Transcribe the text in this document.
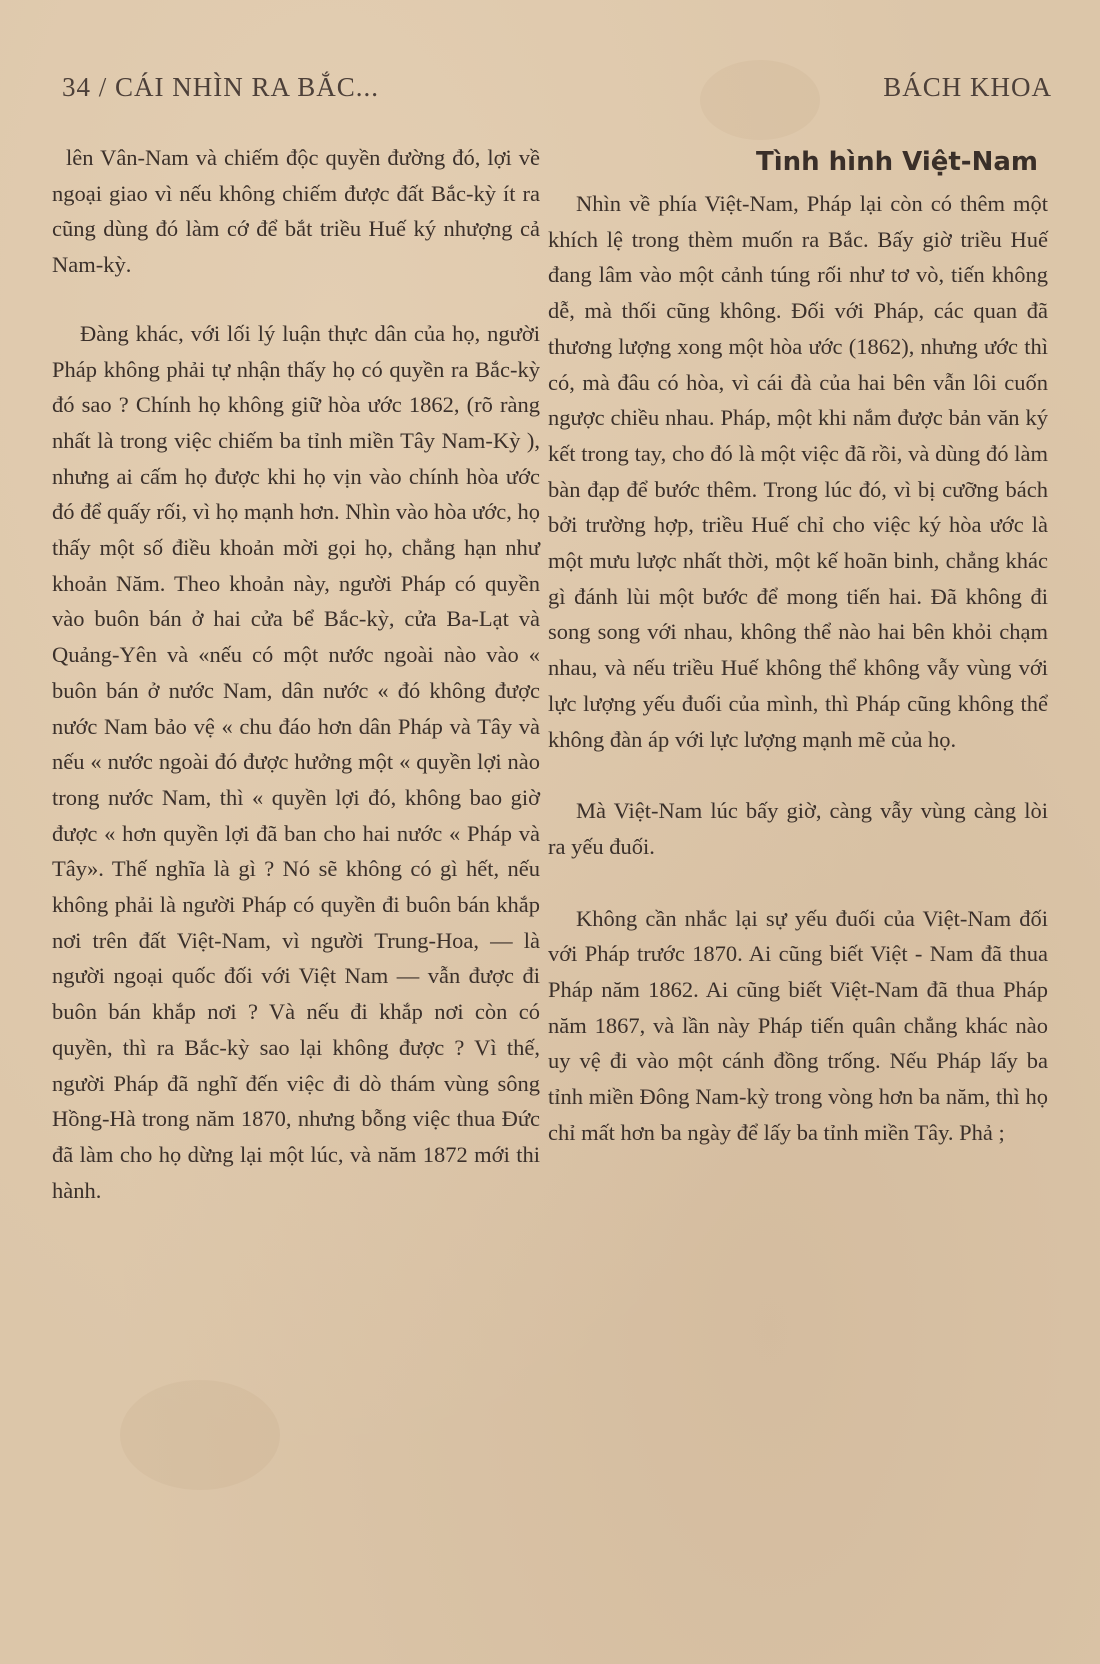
34 / CÁI NHÌN RA BẮC...	BÁCH KHOA

lên Vân-Nam và chiếm độc quyền đường đó, lợi về ngoại giao vì nếu không chiếm được đất Bắc-kỳ ít ra cũng dùng đó làm cớ để bắt triều Huế ký nhượng cả Nam-kỳ.

Đàng khác, với lối lý luận thực dân của họ, người Pháp không phải tự nhận thấy họ có quyền ra Bắc-kỳ đó sao ? Chính họ không giữ hòa ước 1862, (rõ ràng nhất là trong việc chiếm ba tỉnh miền Tây Nam-Kỳ ), nhưng ai cấm họ được khi họ vịn vào chính hòa ước đó để quấy rối, vì họ mạnh hơn. Nhìn vào hòa ước, họ thấy một số điều khoản mời gọi họ, chẳng hạn như khoản Năm. Theo khoản này, người Pháp có quyền vào buôn bán ở hai cửa bể Bắc-kỳ, cửa Ba-Lạt và Quảng-Yên và «nếu có một nước ngoài nào vào « buôn bán ở nước Nam, dân nước « đó không được nước Nam bảo vệ « chu đáo hơn dân Pháp và Tây và nếu « nước ngoài đó được hưởng một « quyền lợi nào trong nước Nam, thì « quyền lợi đó, không bao giờ được « hơn quyền lợi đã ban cho hai nước « Pháp và Tây». Thế nghĩa là gì ? Nó sẽ không có gì hết, nếu không phải là người Pháp có quyền đi buôn bán khắp nơi trên đất Việt-Nam, vì người Trung-Hoa, — là người ngoại quốc đối với Việt Nam — vẫn được đi buôn bán khắp nơi ? Và nếu đi khắp nơi còn có quyền, thì ra Bắc-kỳ sao lại không được ? Vì thế, người Pháp đã nghĩ đến việc đi dò thám vùng sông Hồng-Hà trong năm 1870, nhưng bỗng việc thua Đức đã làm cho họ dừng lại một lúc, và năm 1872 mới thi hành.

Tình hình Việt-Nam

Nhìn về phía Việt-Nam, Pháp lại còn có thêm một khích lệ trong thèm muốn ra Bắc. Bấy giờ triều Huế đang lâm vào một cảnh túng rối như tơ vò, tiến không dễ, mà thối cũng không. Đối với Pháp, các quan đã thương lượng xong một hòa ước (1862), nhưng ước thì có, mà đâu có hòa, vì cái đà của hai bên vẫn lôi cuốn ngược chiều nhau. Pháp, một khi nắm được bản văn ký kết trong tay, cho đó là một việc đã rồi, và dùng đó làm bàn đạp để bước thêm. Trong lúc đó, vì bị cưỡng bách bởi trường hợp, triều Huế chỉ cho việc ký hòa ước là một mưu lược nhất thời, một kế hoãn binh, chẳng khác gì đánh lùi một bước để mong tiến hai. Đã không đi song song với nhau, không thể nào hai bên khỏi chạm nhau, và nếu triều Huế không thể không vẫy vùng với lực lượng yếu đuối của mình, thì Pháp cũng không thể không đàn áp với lực lượng mạnh mẽ của họ.

Mà Việt-Nam lúc bấy giờ, càng vẫy vùng càng lòi ra yếu đuối.

Không cần nhắc lại sự yếu đuối của Việt-Nam đối với Pháp trước 1870. Ai cũng biết Việt - Nam đã thua Pháp năm 1862. Ai cũng biết Việt-Nam đã thua Pháp năm 1867, và lần này Pháp tiến quân chẳng khác nào uy vệ đi vào một cánh đồng trống. Nếu Pháp lấy ba tỉnh miền Đông Nam-kỳ trong vòng hơn ba năm, thì họ chỉ mất hơn ba ngày để lấy ba tỉnh miền Tây. Phả ;
